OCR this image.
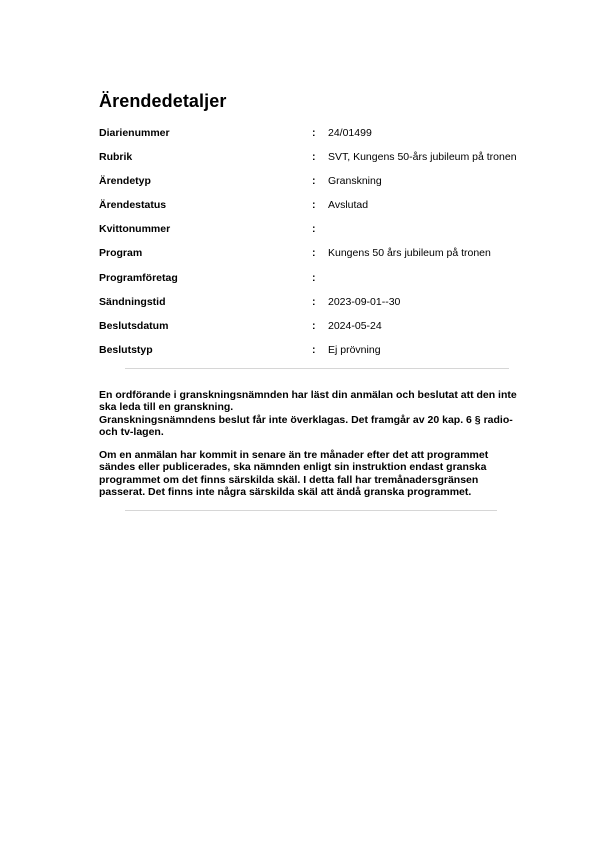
Ärendedetaljer
Diarienummer	: 24/01499
Rubrik	: SVT, Kungens 50-års jubileum på tronen
Ärendetyp	: Granskning
Ärendestatus	: Avslutad
Kvittonummer	:
Program	: Kungens 50 års jubileum på tronen
Programföretag	:
Sändningstid	: 2023-09-01--30
Beslutsdatum	: 2024-05-24
Beslutstyp	: Ej prövning

En ordförande i granskningsnämnden har läst din anmälan och beslutat att den inte

ska leda till en granskning.

Granskningsnämndens beslut får inte överklagas. Det framgår av 20 kap. 6 § radio-

och tv-lagen.

Om en anmälan har kommit in senare än tre månader efter det att programmet

sändes eller publicerades, ska nämnden enligt sin instruktion endast granska

programmet om det finns särskilda skäl. I detta fall har tremånadersgränsen

passerat. Det finns inte några särskilda skäl att ändå granska programmet.
